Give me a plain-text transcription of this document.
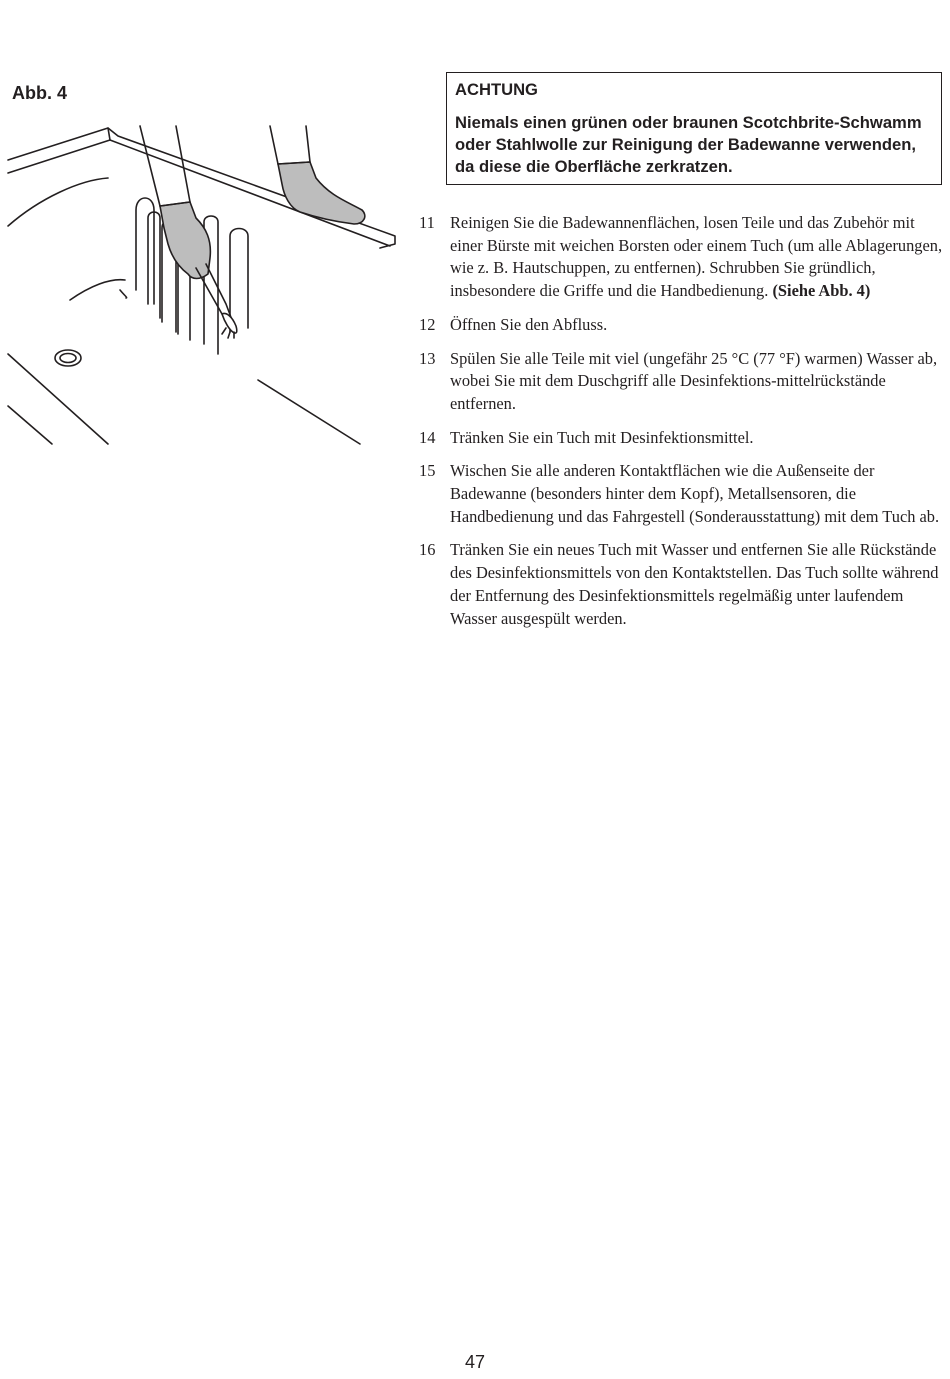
Abb. 4	ACHTUNG
Niemals einen grünen oder braunen Scotchbrite-Schwamm oder Stahlwolle zur Reinigung der Badewanne verwenden, da diese die Oberfläche zerkratzen.
11 Reinigen Sie die Badewannenflächen, losen Teile und das Zubehör mit einer Bürste mit weichen Borsten oder einem Tuch (um alle Ablagerungen, wie z. B. Hautschuppen, zu entfernen). Schrubben Sie gründlich, insbesondere die Griffe und die Handbedienung. (Siehe Abb. 4)
12 Öffnen Sie den Abfluss.
13 Spülen Sie alle Teile mit viel (ungefähr 25 °C (77 °F) warmen) Wasser ab, wobei Sie mit dem Duschgriff alle Desinfektions-mittelrückstände entfernen.
14 Tränken Sie ein Tuch mit Desinfektionsmittel.
15 Wischen Sie alle anderen Kontaktflächen wie die Außenseite der Badewanne (besonders hinter dem Kopf), Metallsensoren, die Handbedienung und das Fahrgestell (Sonderausstattung) mit dem Tuch ab.
16 Tränken Sie ein neues Tuch mit Wasser und entfernen Sie alle Rückstände des Desinfektionsmittels von den Kontaktstellen. Das Tuch sollte während der Entfernung des Desinfektionsmittels regelmäßig unter laufendem Wasser ausgespült werden.
47
